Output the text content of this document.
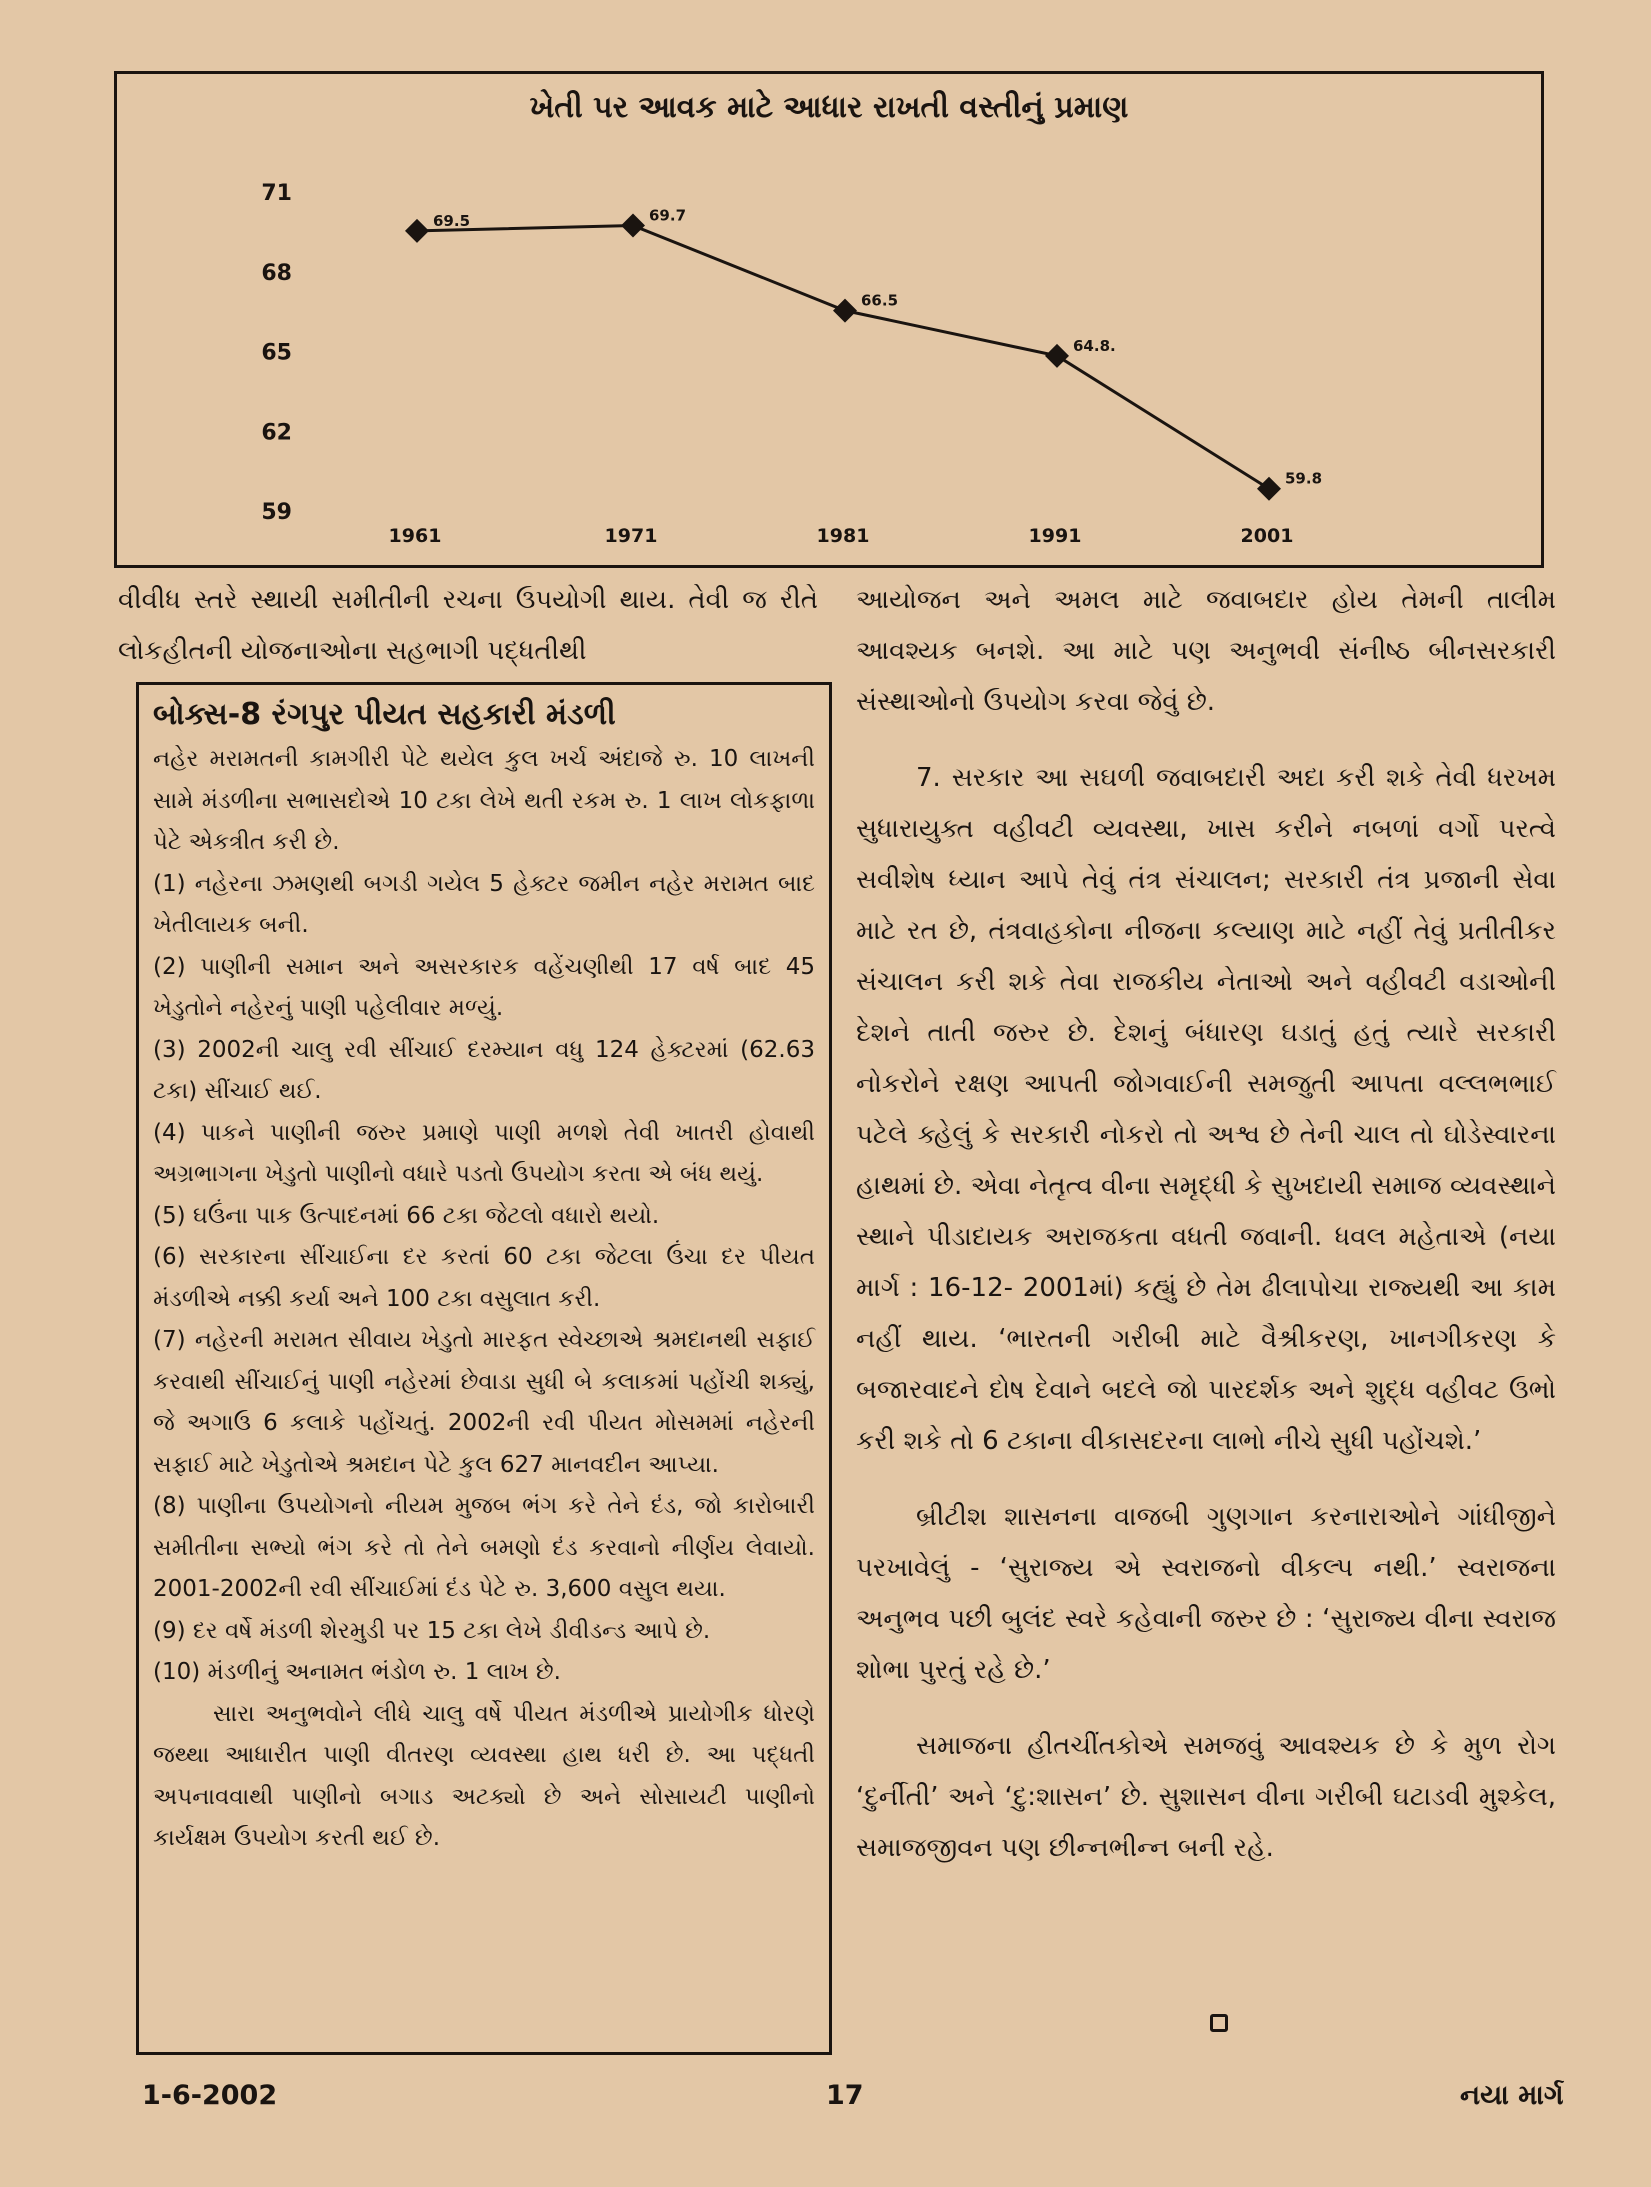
ખેતી પર આવક માટે આધાર રાખતી વસ્તીનું પ્રમાણ
71
68
65
62
59
1961	1971	1981	1991	2001
69.5	69.7
66.5
64.8.
59.8

વીવીધ સ્તરે સ્થાયી સમીતીની રચના ઉપયોગી થાય. તેવી જ રીતે લોકહીતની યોજનાઓના સહભાગી પદ્ધતીથી

બોક્સ-8 રંગપુર પીયત સહકારી મંડળી

નહેર મરામતની કામગીરી પેટે થયેલ કુલ ખર્ચ અંદાજે રુ. 10 લાખની સામે મંડળીના સભાસદોએ 10 ટકા લેખે થતી રકમ રુ. 1 લાખ લોકફાળા પેટે એકત્રીત કરી છે.

(1) નહેરના ઝમણથી બગડી ગયેલ 5 હેક્ટર જમીન નહેર મરામત બાદ ખેતીલાયક બની.

(2) પાણીની સમાન અને અસરકારક વહેંચણીથી 17 વર્ષ બાદ 45 ખેડુતોને નહેરનું પાણી પહેલીવાર મળ્યું.

(3) 2002ની ચાલુ રવી સીંચાઈ દરમ્યાન વધુ 124 હેક્ટરમાં (62.63 ટકા) સીંચાઈ થઈ.

(4) પાકને પાણીની જરુર પ્રમાણે પાણી મળશે તેવી ખાતરી હોવાથી અગ્રભાગના ખેડુતો પાણીનો વધારે પડતો ઉપયોગ કરતા એ બંધ થયું.

(5) ઘઉંના પાક ઉત્પાદનમાં 66 ટકા જેટલો વધારો થયો.

(6) સરકારના સીંચાઈના દર કરતાં 60 ટકા જેટલા ઉંચા દર પીયત મંડળીએ નક્કી કર્યા અને 100 ટકા વસુલાત કરી.

(7) નહેરની મરામત સીવાય ખેડુતો મારફત સ્વેચ્છાએ શ્રમદાનથી સફાઈ કરવાથી સીંચાઈનું પાણી નહેરમાં છેવાડા સુધી બે કલાકમાં પહોંચી શક્યું, જે અગાઉ 6 કલાકે પહોંચતું. 2002ની રવી પીયત મોસમમાં નહેરની સફાઈ માટે ખેડુતોએ શ્રમદાન પેટે કુલ 627 માનવદીન આપ્યા.

(8) પાણીના ઉપયોગનો નીયમ મુજબ ભંગ કરે તેને દંડ, જો કારોબારી સમીતીના સભ્યો ભંગ કરે તો તેને બમણો દંડ કરવાનો નીર્ણય લેવાયો. 2001-2002ની રવી સીંચાઈમાં દંડ પેટે રુ. 3,600 વસુલ થયા.

(9) દર વર્ષે મંડળી શેરમુડી પર 15 ટકા લેખે ડીવીડન્ડ આપે છે.

(10) મંડળીનું અનામત ભંડોળ રુ. 1 લાખ છે.

સારા અનુભવોને લીધે ચાલુ વર્ષે પીયત મંડળીએ પ્રાયોગીક ધોરણે જથ્થા આધારીત પાણી વીતરણ વ્યવસ્થા હાથ ધરી છે. આ પદ્ધતી અપનાવવાથી પાણીનો બગાડ અટક્યો છે અને સોસાયટી પાણીનો કાર્યક્ષમ ઉપયોગ કરતી થઈ છે.

આયોજન અને અમલ માટે જવાબદાર હોય તેમની તાલીમ આવશ્યક બનશે. આ માટે પણ અનુભવી સંનીષ્ઠ બીનસરકારી સંસ્થાઓનો ઉપયોગ કરવા જેવું છે.

7. સરકાર આ સઘળી જવાબદારી અદા કરી શકે તેવી ધરખમ સુધારાયુક્ત વહીવટી વ્યવસ્થા, ખાસ કરીને નબળાં વર્ગો પરત્વે સવીશેષ ધ્યાન આપે તેવું તંત્ર સંચાલન; સરકારી તંત્ર પ્રજાની સેવા માટે રત છે, તંત્રવાહકોના નીજના કલ્યાણ માટે નહીં તેવું પ્રતીતીકર સંચાલન કરી શકે તેવા રાજકીય નેતાઓ અને વહીવટી વડાઓની દેશને તાતી જરુર છે. દેશનું બંધારણ ઘડાતું હતું ત્યારે સરકારી નોકરોને રક્ષણ આપતી જોગવાઈની સમજુતી આપતા વલ્લભભાઈ પટેલે ક્હેલું કે સરકારી નોકરો તો અશ્વ છે તેની ચાલ તો ઘોડેસ્વારના હાથમાં છે. એવા નેતૃત્વ વીના સમૃદ્ધી કે સુખદાયી સમાજ વ્યવસ્થાને સ્થાને પીડાદાયક અરાજકતા વધતી જવાની. ધવલ મહેતાએ (નયા માર્ગ : 16-12- 2001માં) કહ્યું છે તેમ ઢીલાપોચા રાજ્યથી આ કામ નહીં થાય. ‘ભારતની ગરીબી માટે વૈશ્રીકરણ, ખાનગીકરણ કે બજારવાદને દોષ દેવાને બદલે જો પારદર્શક અને શુદ્ધ વહીવટ ઉભો કરી શકે તો 6 ટકાના વીકાસદરના લાભો નીચે સુધી પહોંચશે.’

બ્રીટીશ શાસનના વાજબી ગુણગાન કરનારાઓને ગાંધીજીને પરખાવેલું - ‘સુરાજ્ય એ સ્વરાજનો વીકલ્પ નથી.’ સ્વરાજના અનુભવ પછી બુલંદ સ્વરે કહેવાની જરુર છે : ‘સુરાજ્ય વીના સ્વરાજ શોભા પુરતું રહે છે.’

સમાજના હીતચીંતકોએ સમજવું આવશ્યક છે કે મુળ રોગ ‘દુર્નીતી’ અને ‘દુ:શાસન’ છે. સુશાસન વીના ગરીબી ઘટાડવી મુશ્કેલ, સમાજજીવન પણ છીન્નભીન્ન બની રહે.

1-6-2002	17	નયા માર્ગ
